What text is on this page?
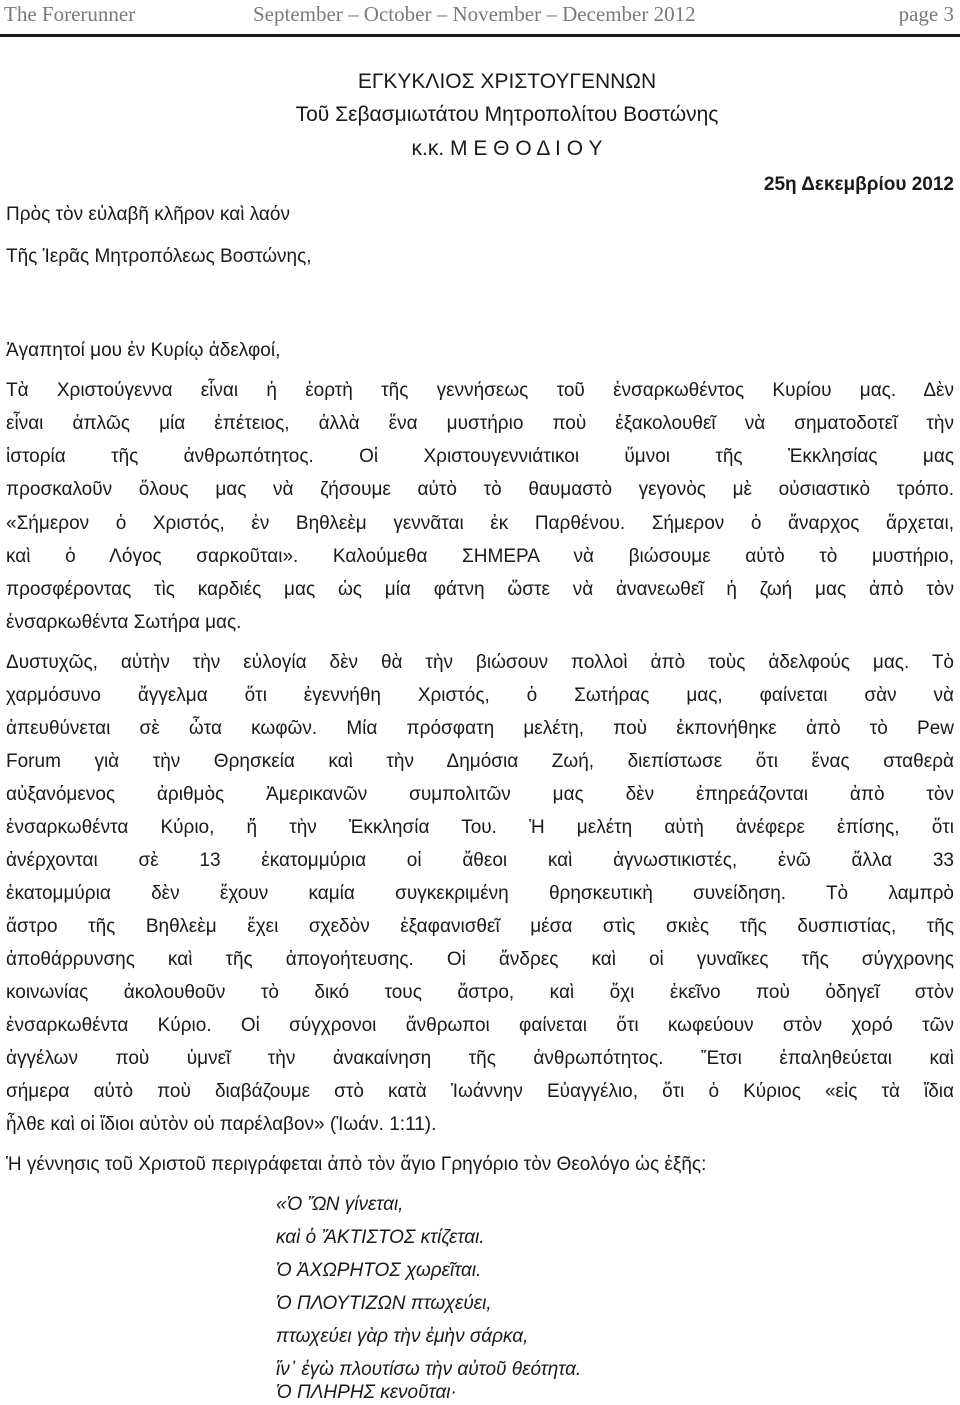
The Forerunner	September – October – November – December 2012	page 3
ΕΓΚΥΚΛΙΟΣ ΧΡΙΣΤΟΥΓΕΝΝΩΝ
Τοῦ Σεβασμιωτάτου Μητροπολίτου Βοστώνης
κ.κ. Μ Ε Θ Ο Δ Ι Ο Υ
25η Δεκεμβρίου 2012
Πρὸς τὸν εὐλαβῆ κλῆρον καὶ λαόν
Τῆς Ἱερᾶς Μητροπόλεως Βοστώνης,
Ἀγαπητοί μου ἐν Κυρίῳ ἀδελφοί,
Τὰ Χριστούγεννα εἶναι ἡ ἑορτὴ τῆς γεννήσεως τοῦ ἐνσαρκωθέντος Κυρίου μας. Δὲν
εἶναι ἁπλῶς μία ἐπέτειος, ἀλλὰ ἕνα μυστήριο ποὺ ἐξακολουθεῖ νὰ σηματοδοτεῖ τὴν
ἱστορία τῆς ἀνθρωπότητος. Οἱ Χριστουγεννιάτικοι ὕμνοι τῆς Ἐκκλησίας μας
προσκαλοῦν ὅλους μας νὰ ζήσουμε αὐτὸ τὸ θαυμαστὸ γεγονὸς μὲ οὐσιαστικὸ τρόπο.
«Σήμερον ὁ Χριστός, ἐν Βηθλεὲμ γεννᾶται ἐκ Παρθένου. Σήμερον ὁ ἄναρχος ἄρχεται,
καὶ ὁ Λόγος σαρκοῦται». Καλούμεθα ΣΗΜΕΡΑ νὰ βιώσουμε αὐτὸ τὸ μυστήριο,
προσφέροντας τὶς καρδιές μας ὡς μία φάτνη ὥστε νὰ ἀνανεωθεῖ ἡ ζωή μας ἀπὸ τὸν
ἐνσαρκωθέντα Σωτήρα μας.
Δυστυχῶς, αὐτὴν τὴν εὐλογία δὲν θὰ τὴν βιώσουν πολλοὶ ἀπὸ τοὺς ἀδελφούς μας. Τὸ
χαρμόσυνο ἄγγελμα ὅτι ἐγεννήθη Χριστός, ὁ Σωτήρας μας, φαίνεται σὰν νὰ
ἀπευθύνεται σὲ ὦτα κωφῶν. Μία πρόσφατη μελέτη, ποὺ ἐκπονήθηκε ἀπὸ τὸ Pew
Forum γιὰ τὴν Θρησκεία καὶ τὴν Δημόσια Ζωή, διεπίστωσε ὅτι ἕνας σταθερὰ
αὐξανόμενος ἀριθμὸς Ἀμερικανῶν συμπολιτῶν μας δὲν ἐπηρεάζονται ἀπὸ τὸν
ἐνσαρκωθέντα Κύριο, ἤ τὴν Ἐκκλησία Του. Ἡ μελέτη αὐτὴ ἀνέφερε ἐπίσης, ὅτι
ἀνέρχονται σὲ 13 ἑκατομμύρια οἱ ἄθεοι καὶ ἀγνωστικιστές, ἐνῶ ἄλλα 33
ἑκατομμύρια δὲν ἔχουν καμία συγκεκριμένη θρησκευτικὴ συνείδηση. Τὸ λαμπρὸ
ἄστρο τῆς Βηθλεὲμ ἔχει σχεδὸν ἐξαφανισθεῖ μέσα στὶς σκιὲς τῆς δυσπιστίας, τῆς
ἀποθάρρυνσης καὶ τῆς ἀπογοήτευσης. Οἱ ἄνδρες καὶ οἱ γυναῖκες τῆς σύγχρονης
κοινωνίας ἀκολουθοῦν τὸ δικό τους ἄστρο, καὶ ὄχι ἐκεῖνο ποὺ ὁδηγεῖ στὸν
ἐνσαρκωθέντα Κύριο. Οἱ σύγχρονοι ἄνθρωποι φαίνεται ὅτι κωφεύουν στὸν χορό τῶν
ἀγγέλων ποὺ ὑμνεῖ τὴν ἀνακαίνηση τῆς ἀνθρωπότητος. Ἔτσι ἐπαληθεύεται καὶ
σήμερα αὐτὸ ποὺ διαβάζουμε στὸ κατὰ Ἰωάννην Εὐαγγέλιο, ὅτι ὁ Κύριος «εἰς τὰ ἴδια
ἦλθε καὶ οἱ ἴδιοι αὐτὸν οὐ παρέλαβον» (Ἰωάν. 1:11).
Ἡ γέννησις τοῦ Χριστοῦ περιγράφεται ἀπὸ τὸν ἅγιο Γρηγόριο τὸν Θεολόγο ὡς ἑξῆς:
«Ὁ ὬΝ γίνεται,
καὶ ὁ ἌΚΤΙΣΤΟΣ κτίζεται.
Ὁ ἈΧΩΡΗΤΟΣ χωρεῖται.
Ὁ ΠΛΟΥΤΙΖΩΝ πτωχεύει,
πτωχεύει γὰρ τὴν ἐμὴν σάρκα,
ἵν᾽ ἐγὼ πλουτίσω τὴν αὐτοῦ θεότητα.
Ὁ ΠΛΗΡΗΣ κενοῦται·
